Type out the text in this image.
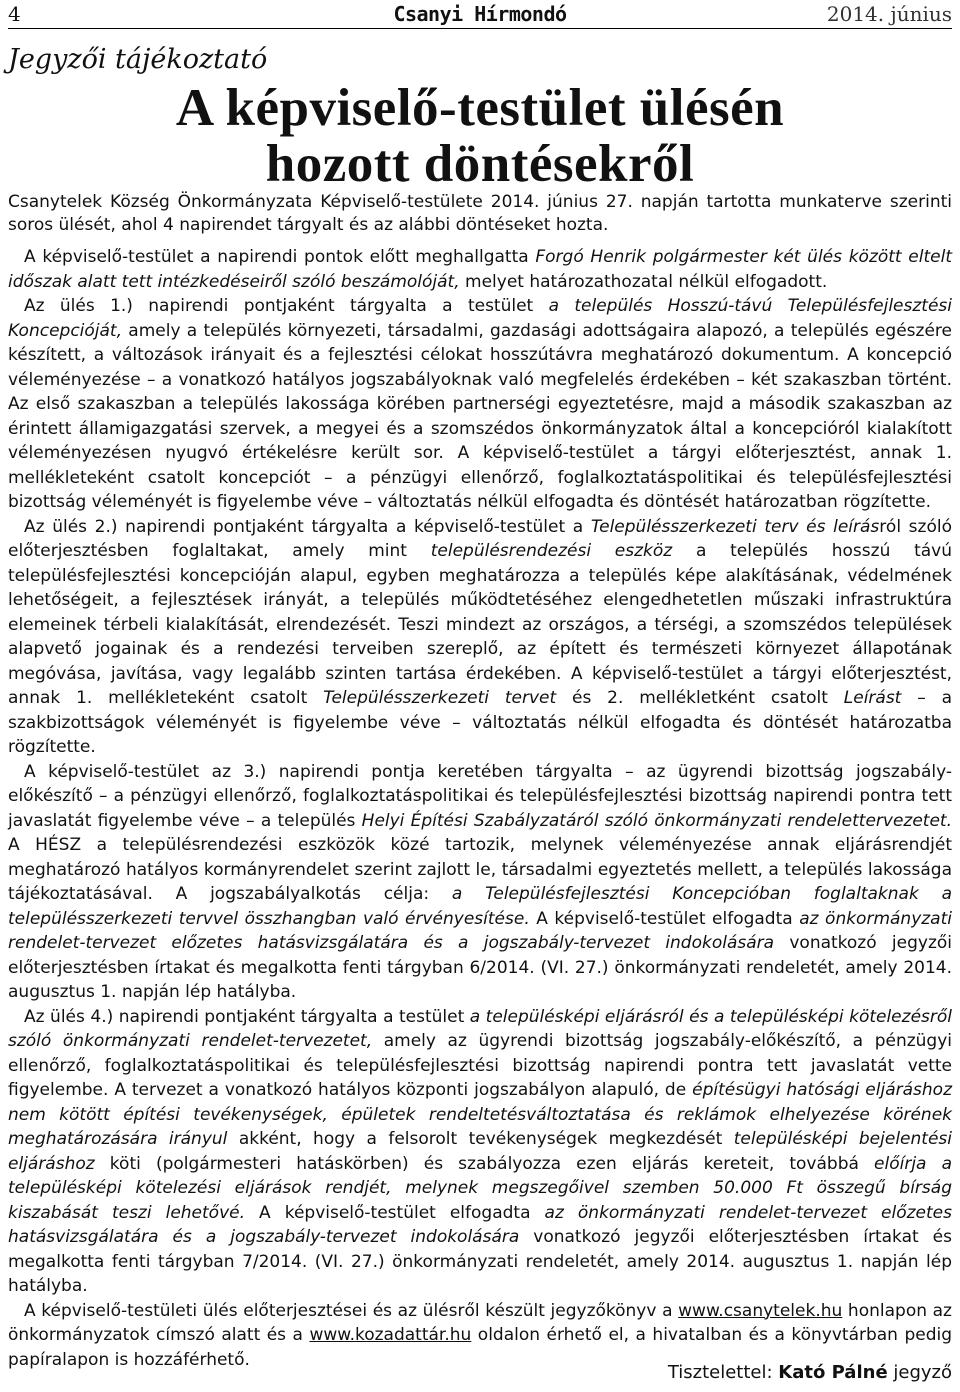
4	Csanyi Hírmondó	2014. június
Jegyzői tájékoztató
A képviselő-testület ülésén
hozott döntésekről
Csanytelek Község Önkormányzata Képviselő-testülete 2014. június 27. napján tartotta munkaterve szerinti soros ülését, ahol 4 napirendet tárgyalt és az alábbi döntéseket hozta.

A képviselő-testület a napirendi pontok előtt meghallgatta Forgó Henrik polgármester két ülés között eltelt időszak alatt tett intézkedéseiről szóló beszámolóját, melyet határozathozatal nélkül elfogadott.

Az ülés 1.) napirendi pontjaként tárgyalta a testület a település Hosszú-távú Településfejlesztési Koncepcióját, amely a település környezeti, társadalmi, gazdasági adottságaira alapozó, a település egészére készített, a változások irányait és a fejlesztési célokat hosszútávra meghatározó dokumentum. A koncepció véleményezése – a vonatkozó hatályos jogszabályoknak való megfelelés érdekében – két szakaszban történt. Az első szakaszban a település lakossága körében partnerségi egyeztetésre, majd a második szakaszban az érintett államigazgatási szervek, a megyei és a szomszédos önkormányzatok által a koncepcióról kialakított véleményezésen nyugvó értékelésre került sor. A képviselő-testület a tárgyi előterjesztést, annak 1. mellékleteként csatolt koncepciót – a pénzügyi ellenőrző, foglalkoztatáspolitikai és településfejlesztési bizottság véleményét is figyelembe véve – változtatás nélkül elfogadta és döntését határozatban rögzítette.

Az ülés 2.) napirendi pontjaként tárgyalta a képviselő-testület a Településszerkezeti terv és leírásról szóló előterjesztésben foglaltakat, amely mint településrendezési eszköz a település hosszú távú településfejlesztési koncepcióján alapul, egyben meghatározza a település képe alakításának, védelmének lehetőségeit, a fejlesztések irányát, a település működtetéséhez elengedhetetlen műszaki infrastruktúra elemeinek térbeli kialakítását, elrendezését. Teszi mindezt az országos, a térségi, a szomszédos települések alapvető jogainak és a rendezési terveiben szereplő, az épített és természeti környezet állapotának megóvása, javítása, vagy legalább szinten tartása érdekében. A képviselő-testület a tárgyi előterjesztést, annak 1. mellékleteként csatolt Településszerkezeti tervet és 2. mellékletként csatolt Leírást – a szakbizottságok véleményét is figyelembe véve – változtatás nélkül elfogadta és döntését határozatba rögzítette.

A képviselő-testület az 3.) napirendi pontja keretében tárgyalta – az ügyrendi bizottság jogszabály-előkészítő – a pénzügyi ellenőrző, foglalkoztatáspolitikai és településfejlesztési bizottság napirendi pontra tett javaslatát figyelembe véve – a település Helyi Építési Szabályzatáról szóló önkormányzati rendelettervezetet. A HÉSZ a településrendezési eszközök közé tartozik, melynek véleményezése annak eljárásrendjét meghatározó hatályos kormányrendelet szerint zajlott le, társadalmi egyeztetés mellett, a település lakossága tájékoztatásával. A jogszabályalkotás célja: a Településfejlesztési Koncepcióban foglaltaknak a településszerkezeti tervvel összhangban való érvényesítése. A képviselő-testület elfogadta az önkormányzati rendelet-tervezet előzetes hatásvizsgálatára és a jogszabály-tervezet indokolására vonatkozó jegyzői előterjesztésben írtakat és megalkotta fenti tárgyban 6/2014. (VI. 27.) önkormányzati rendeletét, amely 2014. augusztus 1. napján lép hatályba.

Az ülés 4.) napirendi pontjaként tárgyalta a testület a településképi eljárásról és a településképi kötelezésről szóló önkormányzati rendelet-tervezetet, amely az ügyrendi bizottság jogszabály-előkészítő, a pénzügyi ellenőrző, foglalkoztatáspolitikai és településfejlesztési bizottság napirendi pontra tett javaslatát vette figyelembe. A tervezet a vonatkozó hatályos központi jogszabályon alapuló, de építésügyi hatósági eljáráshoz nem kötött építési tevékenységek, épületek rendeltetésváltoztatása és reklámok elhelyezése körének meghatározására irányul akként, hogy a felsorolt tevékenységek megkezdését településképi bejelentési eljáráshoz köti (polgármesteri hatáskörben) és szabályozza ezen eljárás kereteit, továbbá előírja a településképi kötelezési eljárások rendjét, melynek megszegőivel szemben 50.000 Ft összegű bírság kiszabását teszi lehetővé. A képviselő-testület elfogadta az önkormányzati rendelet-tervezet előzetes hatásvizsgálatára és a jogszabály-tervezet indokolására vonatkozó jegyzői előterjesztésben írtakat és megalkotta fenti tárgyban 7/2014. (VI. 27.) önkormányzati rendeletét, amely 2014. augusztus 1. napján lép hatályba.

A képviselő-testületi ülés előterjesztései és az ülésről készült jegyzőkönyv a www.csanytelek.hu honlapon az önkormányzatok címszó alatt és a www.kozadattár.hu oldalon érhető el, a hivatalban és a könyvtárban pedig papíralapon is hozzáférhető.

Tisztelettel: Kató Pálné jegyző
